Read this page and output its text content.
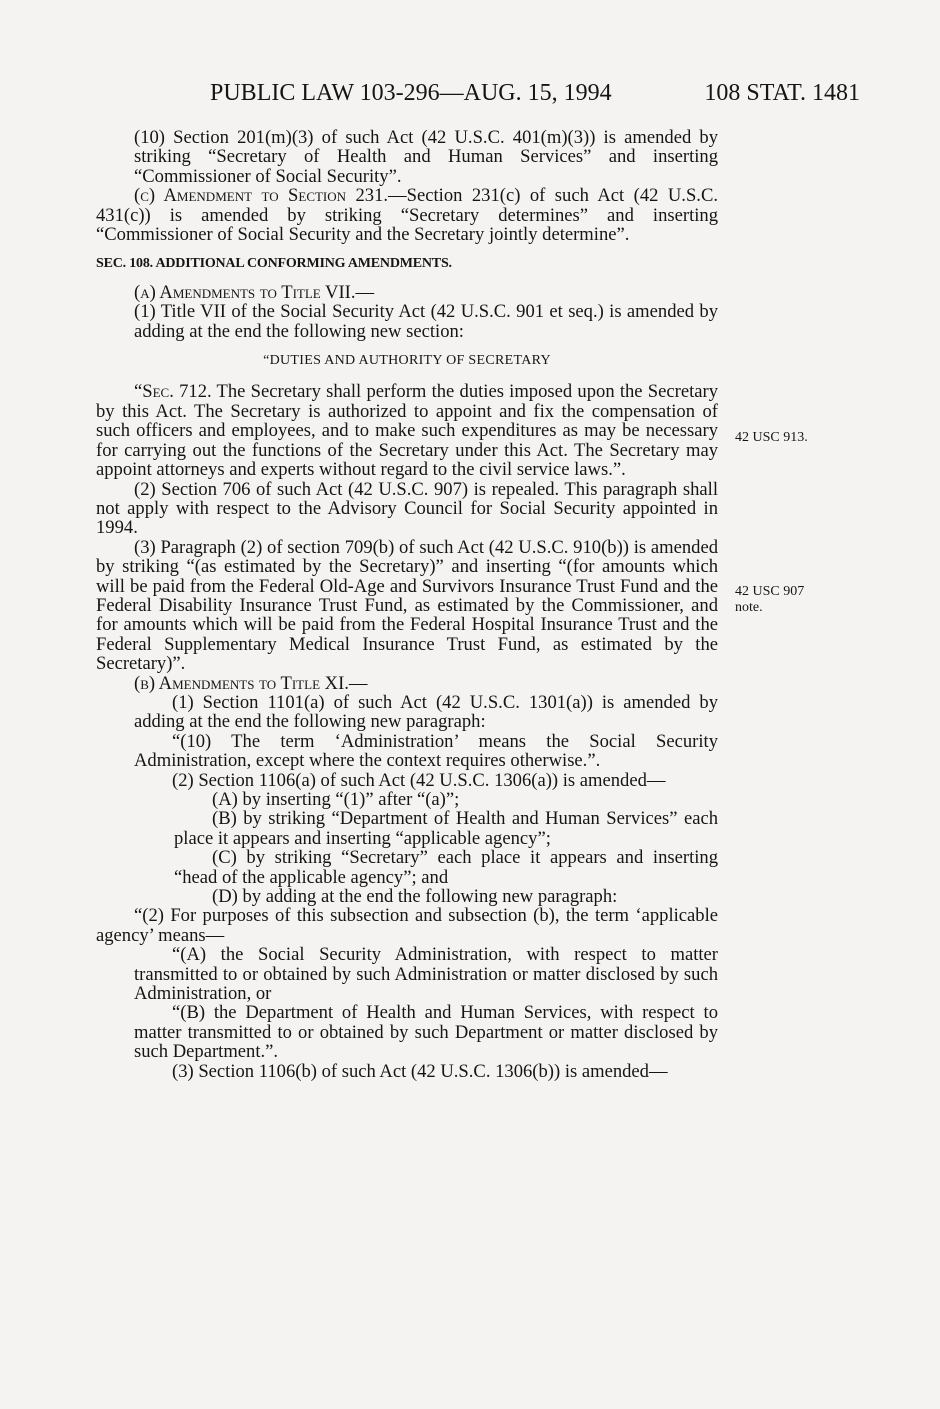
PUBLIC LAW 103-296—AUG. 15, 1994	108 STAT. 1481
42 USC 913.
42 USC 907
note.

(10) Section 201(m)(3) of such Act (42 U.S.C. 401(m)(3)) is amended by striking “Secretary of Health and Human Services” and inserting “Commissioner of Social Security”.

(c) Amendment to Section 231.—Section 231(c) of such Act (42 U.S.C. 431(c)) is amended by striking “Secretary determines” and inserting “Commissioner of Social Security and the Secretary jointly determine”.

SEC. 108. ADDITIONAL CONFORMING AMENDMENTS.

(a) Amendments to Title VII.—

(1) Title VII of the Social Security Act (42 U.S.C. 901 et seq.) is amended by adding at the end the following new section:

“DUTIES AND AUTHORITY OF SECRETARY

“Sec. 712. The Secretary shall perform the duties imposed upon the Secretary by this Act. The Secretary is authorized to appoint and fix the compensation of such officers and employees, and to make such expenditures as may be necessary for carrying out the functions of the Secretary under this Act. The Secretary may appoint attorneys and experts without regard to the civil service laws.”.

(2) Section 706 of such Act (42 U.S.C. 907) is repealed. This paragraph shall not apply with respect to the Advisory Council for Social Security appointed in 1994.

(3) Paragraph (2) of section 709(b) of such Act (42 U.S.C. 910(b)) is amended by striking “(as estimated by the Secretary)” and inserting “(for amounts which will be paid from the Federal Old-Age and Survivors Insurance Trust Fund and the Federal Disability Insurance Trust Fund, as estimated by the Commissioner, and for amounts which will be paid from the Federal Hospital Insurance Trust and the Federal Supplementary Medical Insurance Trust Fund, as estimated by the Secretary)”.

(b) Amendments to Title XI.—

(1) Section 1101(a) of such Act (42 U.S.C. 1301(a)) is amended by adding at the end the following new paragraph:

“(10) The term ‘Administration’ means the Social Security Administration, except where the context requires otherwise.”.

(2) Section 1106(a) of such Act (42 U.S.C. 1306(a)) is amended—

(A) by inserting “(1)” after “(a)”;

(B) by striking “Department of Health and Human Services” each place it appears and inserting “applicable agency”;

(C) by striking “Secretary” each place it appears and inserting “head of the applicable agency”; and

(D) by adding at the end the following new paragraph:

“(2) For purposes of this subsection and subsection (b), the term ‘applicable agency’ means—

“(A) the Social Security Administration, with respect to matter transmitted to or obtained by such Administration or matter disclosed by such Administration, or

“(B) the Department of Health and Human Services, with respect to matter transmitted to or obtained by such Department or matter disclosed by such Department.”.

(3) Section 1106(b) of such Act (42 U.S.C. 1306(b)) is amended—
